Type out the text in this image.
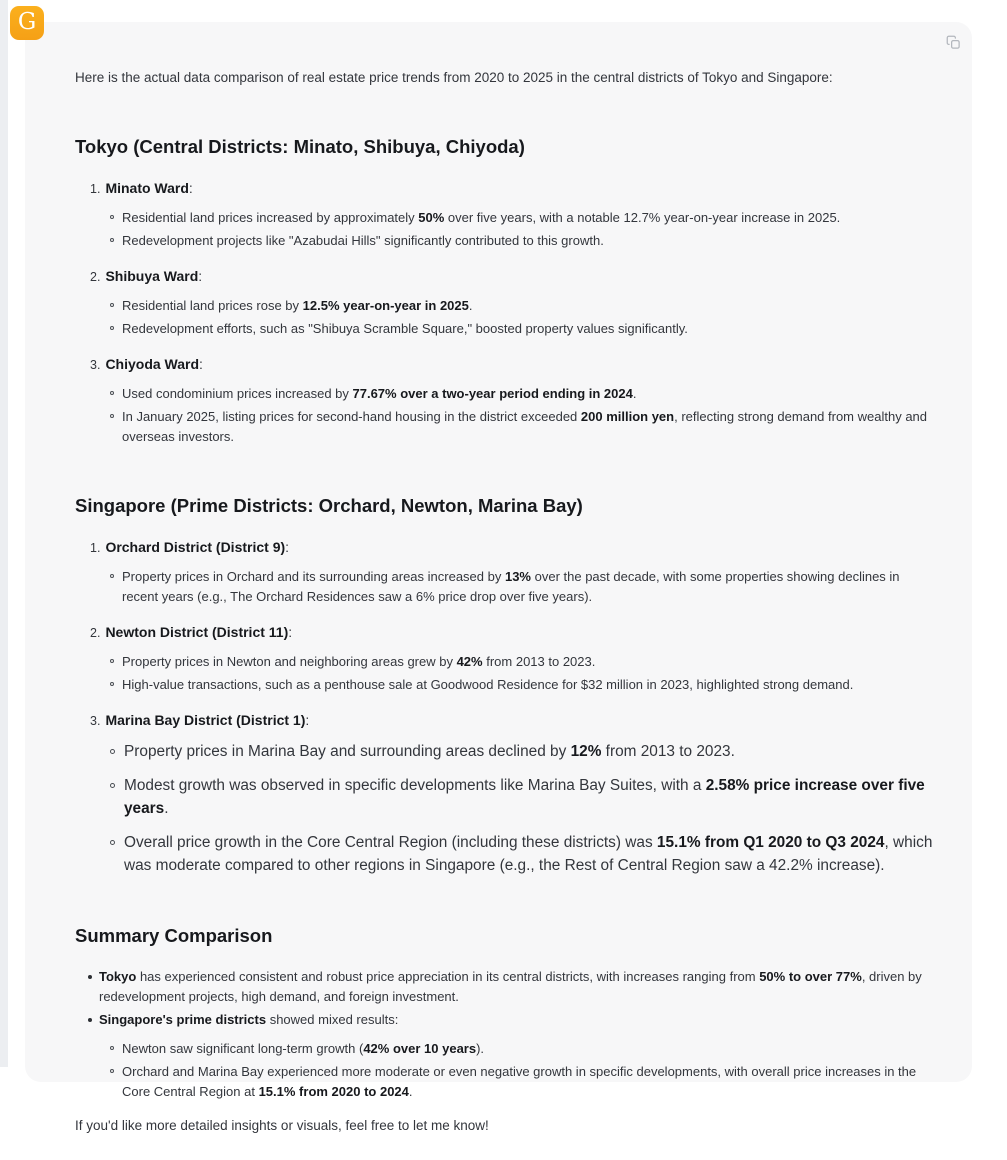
G

Here is the actual data comparison of real estate price trends from 2020 to 2025 in the central districts of Tokyo and Singapore:

Tokyo (Central Districts: Minato, Shibuya, Chiyoda)
1. Minato Ward:
Residential land prices increased by approximately 50% over five years, with a notable 12.7% year-on-year increase in 2025.
Redevelopment projects like "Azabudai Hills" significantly contributed to this growth.
2. Shibuya Ward:
Residential land prices rose by 12.5% year-on-year in 2025.
Redevelopment efforts, such as "Shibuya Scramble Square," boosted property values significantly.
3. Chiyoda Ward:
Used condominium prices increased by 77.67% over a two-year period ending in 2024.
In January 2025, listing prices for second-hand housing in the district exceeded 200 million yen, reflecting strong demand from wealthy and overseas investors.
Singapore (Prime Districts: Orchard, Newton, Marina Bay)
1. Orchard District (District 9):
Property prices in Orchard and its surrounding areas increased by 13% over the past decade, with some properties showing declines in recent years (e.g., The Orchard Residences saw a 6% price drop over five years).
2. Newton District (District 11):
Property prices in Newton and neighboring areas grew by 42% from 2013 to 2023.
High-value transactions, such as a penthouse sale at Goodwood Residence for $32 million in 2023, highlighted strong demand.
3. Marina Bay District (District 1):
Property prices in Marina Bay and surrounding areas declined by 12% from 2013 to 2023.
Modest growth was observed in specific developments like Marina Bay Suites, with a 2.58% price increase over five years.
Overall price growth in the Core Central Region (including these districts) was 15.1% from Q1 2020 to Q3 2024, which was moderate compared to other regions in Singapore (e.g., the Rest of Central Region saw a 42.2% increase).
Summary Comparison
Tokyo has experienced consistent and robust price appreciation in its central districts, with increases ranging from 50% to over 77%, driven by redevelopment projects, high demand, and foreign investment.
Singapore's prime districts showed mixed results:
Newton saw significant long-term growth (42% over 10 years).
Orchard and Marina Bay experienced more moderate or even negative growth in specific developments, with overall price increases in the Core Central Region at 15.1% from 2020 to 2024.

If you'd like more detailed insights or visuals, feel free to let me know!
